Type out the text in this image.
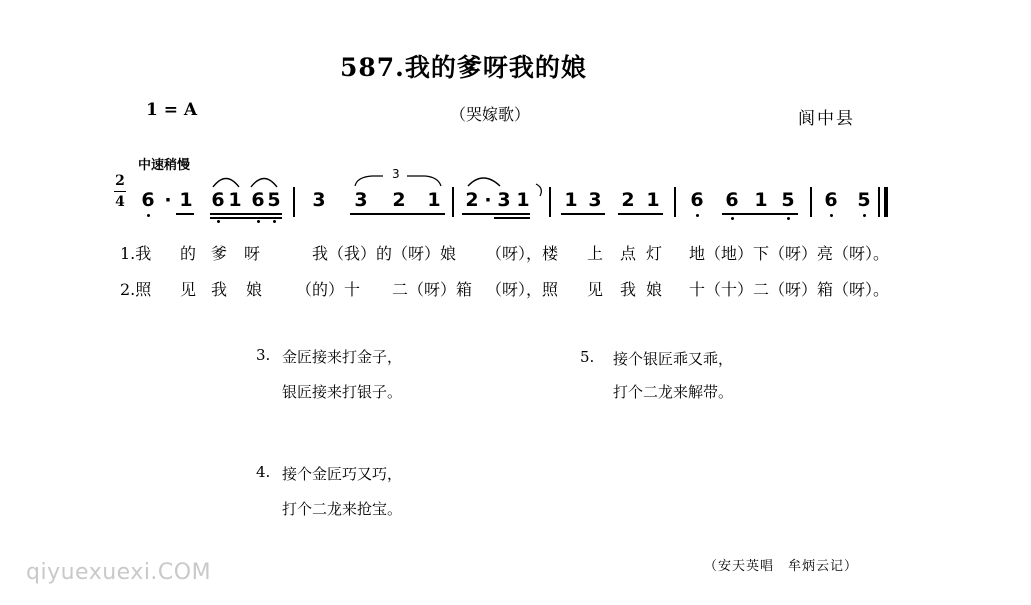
587.我的爹呀我的娘
1 = A	（哭嫁歌）	阆中县
中速稍慢
2
4 6 · 1 6 1 6 5 3 3 2 1 2 · 3 1 1 3 2 1 6 6 1 5 6 5
3
1.我 的 爹 呀	我（我）的（呀）娘 （呀），楼 上 点 灯 地（地）下（呀）亮（呀）。
2.照 见 我 娘 （的）十 二（呀）箱 （呀），照 见 我 娘 十（十）二（呀）箱（呀）。
3. 金匠接来打金子，
银匠接来打银子。
4. 接个金匠巧又巧，
打个二龙来抢宝。
5. 接个银匠乖又乖，
打个二龙来解带。
（安天英唱　牟炳云记）
qiyuexuexi.COM
